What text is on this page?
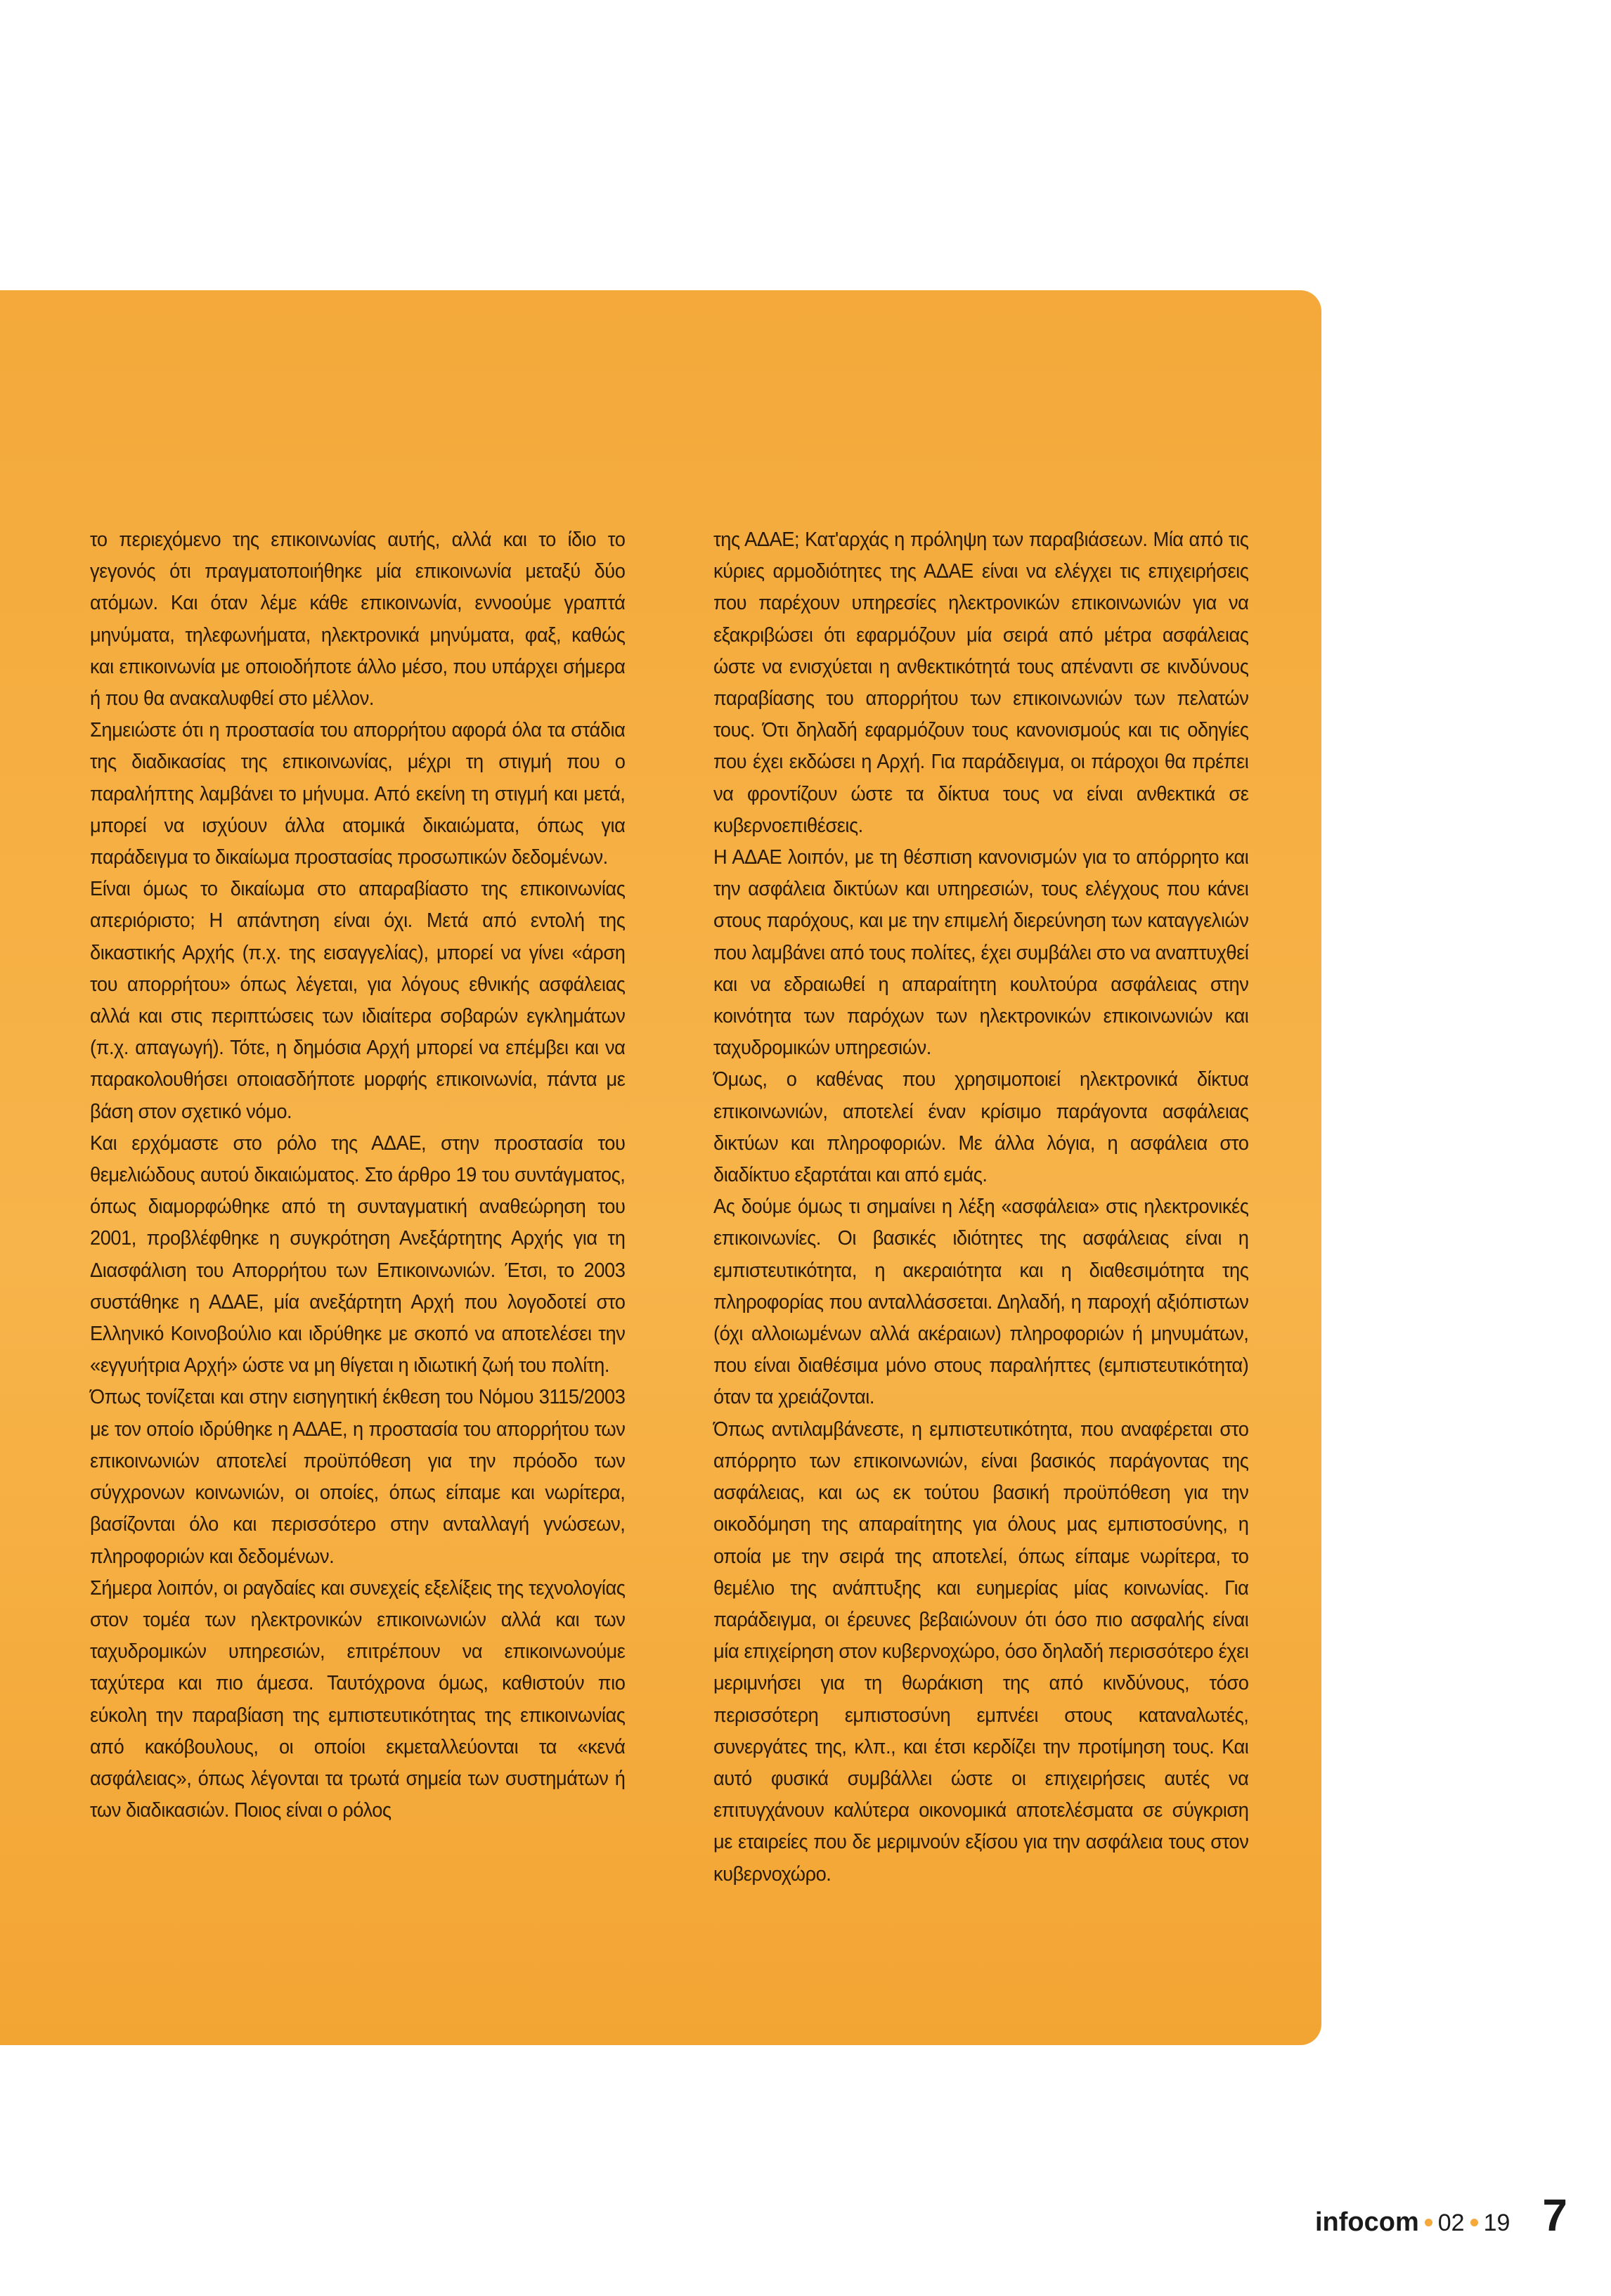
το περιεχόμενο της επικοινωνίας αυτής, αλλά και το ίδιο το γεγονός ότι πραγματοποιήθηκε μία επικοινωνία μεταξύ δύο ατόμων. Και όταν λέμε κάθε επικοινωνία, εννοούμε γραπτά μηνύματα, τηλεφωνήματα, ηλεκτρονικά μηνύματα, φαξ, καθώς και επικοινωνία με οποιοδήποτε άλλο μέσο, που υπάρχει σήμερα ή που θα ανακαλυφθεί στο μέλλον.

Σημειώστε ότι η προστασία του απορρήτου αφορά όλα τα στάδια της διαδικασίας της επικοινωνίας, μέχρι τη στιγμή που ο παραλήπτης λαμβάνει το μήνυμα. Από εκείνη τη στιγμή και μετά, μπορεί να ισχύουν άλλα ατομικά δικαιώματα, όπως για παράδειγμα το δικαίωμα προστασίας προσωπικών δεδομένων.

Είναι όμως το δικαίωμα στο απαραβίαστο της επικοινωνίας απεριόριστο; Η απάντηση είναι όχι. Μετά από εντολή της δικαστικής Αρχής (π.χ. της εισαγγελίας), μπορεί να γίνει «άρση του απορρήτου» όπως λέγεται, για λόγους εθνικής ασφάλειας αλλά και στις περιπτώσεις των ιδιαίτερα σοβαρών εγκλημάτων (π.χ. απαγωγή). Τότε, η δημόσια Αρχή μπορεί να επέμβει και να παρακολουθήσει οποιασδήποτε μορφής επικοινωνία, πάντα με βάση στον σχετικό νόμο.

Και ερχόμαστε στο ρόλο της ΑΔΑΕ, στην προστασία του θεμελιώδους αυτού δικαιώματος. Στο άρθρο 19 του συντάγματος, όπως διαμορφώθηκε από τη συνταγματική αναθεώρηση του 2001, προβλέφθηκε η συγκρότηση Ανεξάρτητης Αρχής για τη Διασφάλιση του Απορρήτου των Επικοινωνιών. Έτσι, το 2003 συστάθηκε η ΑΔΑΕ, μία ανεξάρτητη Αρχή που λογοδοτεί στο Ελληνικό Κοινοβούλιο και ιδρύθηκε με σκοπό να αποτελέσει την «εγγυήτρια Αρχή» ώστε να μη θίγεται η ιδιωτική ζωή του πολίτη.

Όπως τονίζεται και στην εισηγητική έκθεση του Νόμου 3115/2003 με τον οποίο ιδρύθηκε η ΑΔΑΕ, η προστασία του απορρήτου των επικοινωνιών αποτελεί προϋπόθεση για την πρόοδο των σύγχρονων κοινωνιών, οι οποίες, όπως είπαμε και νωρίτερα, βασίζονται όλο και περισσότερο στην ανταλλαγή γνώσεων, πληροφοριών και δεδομένων.

Σήμερα λοιπόν, οι ραγδαίες και συνεχείς εξελίξεις της τεχνολογίας στον τομέα των ηλεκτρονικών επικοινωνιών αλλά και των ταχυδρομικών υπηρεσιών, επιτρέπουν να επικοινωνούμε ταχύτερα και πιο άμεσα. Ταυτόχρονα όμως, καθιστούν πιο εύκολη την παραβίαση της εμπιστευτικότητας της επικοινωνίας από κακόβουλους, οι οποίοι εκμεταλλεύονται τα «κενά ασφάλειας», όπως λέγονται τα τρωτά σημεία των συστημάτων ή των διαδικασιών. Ποιος είναι ο ρόλος

της ΑΔΑΕ; Κατ'αρχάς η πρόληψη των παραβιάσεων. Μία από τις κύριες αρμοδιότητες της ΑΔΑΕ είναι να ελέγχει τις επιχειρήσεις που παρέχουν υπηρεσίες ηλεκτρονικών επικοινωνιών για να εξακριβώσει ότι εφαρμόζουν μία σειρά από μέτρα ασφάλειας ώστε να ενισχύεται η ανθεκτικότητά τους απέναντι σε κινδύνους παραβίασης του απορρήτου των επικοινωνιών των πελατών τους. Ότι δηλαδή εφαρμόζουν τους κανονισμούς και τις οδηγίες που έχει εκδώσει η Αρχή. Για παράδειγμα, οι πάροχοι θα πρέπει να φροντίζουν ώστε τα δίκτυα τους να είναι ανθεκτικά σε κυβερνοεπιθέσεις.

Η ΑΔΑΕ λοιπόν, με τη θέσπιση κανονισμών για το απόρρητο και την ασφάλεια δικτύων και υπηρεσιών, τους ελέγχους που κάνει στους παρόχους, και με την επιμελή διερεύνηση των καταγγελιών που λαμβάνει από τους πολίτες, έχει συμβάλει στο να αναπτυχθεί και να εδραιωθεί η απαραίτητη κουλτούρα ασφάλειας στην κοινότητα των παρόχων των ηλεκτρονικών επικοινωνιών και ταχυδρομικών υπηρεσιών.

Όμως, ο καθένας που χρησιμοποιεί ηλεκτρονικά δίκτυα επικοινωνιών, αποτελεί έναν κρίσιμο παράγοντα ασφάλειας δικτύων και πληροφοριών. Με άλλα λόγια, η ασφάλεια στο διαδίκτυο εξαρτάται και από εμάς.

Ας δούμε όμως τι σημαίνει η λέξη «ασφάλεια» στις ηλεκτρονικές επικοινωνίες. Οι βασικές ιδιότητες της ασφάλειας είναι η εμπιστευτικότητα, η ακεραιότητα και η διαθεσιμότητα της πληροφορίας που ανταλλάσσεται. Δηλαδή, η παροχή αξιόπιστων (όχι αλλοιωμένων αλλά ακέραιων) πληροφοριών ή μηνυμάτων, που είναι διαθέσιμα μόνο στους παραλήπτες (εμπιστευτικότητα) όταν τα χρειάζονται.

Όπως αντιλαμβάνεστε, η εμπιστευτικότητα, που αναφέρεται στο απόρρητο των επικοινωνιών, είναι βασικός παράγοντας της ασφάλειας, και ως εκ τούτου βασική προϋπόθεση για την οικοδόμηση της απαραίτητης για όλους μας εμπιστοσύνης, η οποία με την σειρά της αποτελεί, όπως είπαμε νωρίτερα, το θεμέλιο της ανάπτυξης και ευημερίας μίας κοινωνίας. Για παράδειγμα, οι έρευνες βεβαιώνουν ότι όσο πιο ασφαλής είναι μία επιχείρηση στον κυβερνοχώρο, όσο δηλαδή περισσότερο έχει μεριμνήσει για τη θωράκιση της από κινδύνους, τόσο περισσότερη εμπιστοσύνη εμπνέει στους καταναλωτές, συνεργάτες της, κλπ., και έτσι κερδίζει την προτίμηση τους. Και αυτό φυσικά συμβάλλει ώστε οι επιχειρήσεις αυτές να επιτυγχάνουν καλύτερα οικονομικά αποτελέσματα σε σύγκριση με εταιρείες που δε μεριμνούν εξίσου για την ασφάλεια τους στον κυβερνοχώρο.

infocom 02 19 7
